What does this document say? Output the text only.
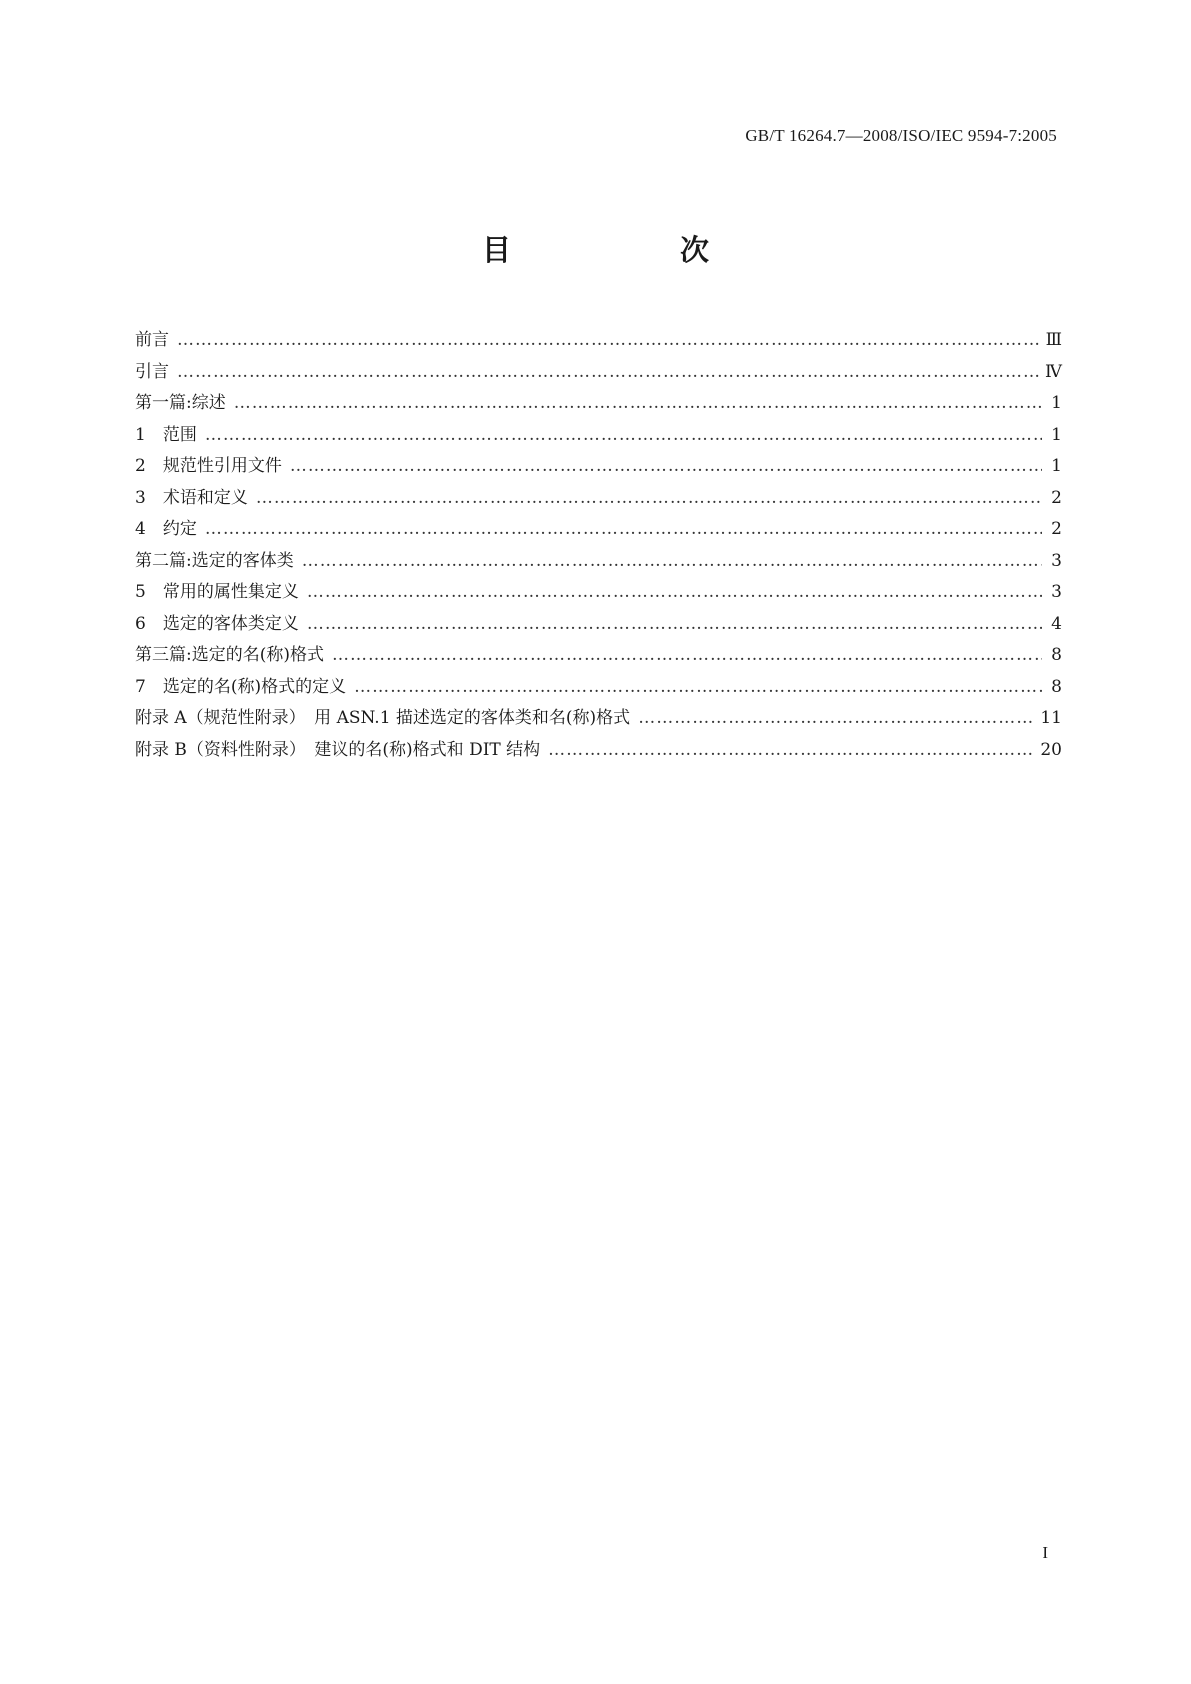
GB/T 16264.7—2008/ISO/IEC 9594-7:2005
目　次
前言 ……………………………………………………………………………………………………………………………………………………………………………………………………	Ⅲ
引言 ……………………………………………………………………………………………………………………………………………………………………………………………………	Ⅳ
第一篇:综述 ……………………………………………………………………………………………………………………………………………………………………………………………………	1
1　范围 ……………………………………………………………………………………………………………………………………………………………………………………………………	1
2　规范性引用文件 ……………………………………………………………………………………………………………………………………………………………………………………………………	1
3　术语和定义 ……………………………………………………………………………………………………………………………………………………………………………………………………	2
4　约定 ……………………………………………………………………………………………………………………………………………………………………………………………………	2
第二篇:选定的客体类 ……………………………………………………………………………………………………………………………………………………………………………………………………	3
5　常用的属性集定义 ……………………………………………………………………………………………………………………………………………………………………………………………………	3
6　选定的客体类定义 ……………………………………………………………………………………………………………………………………………………………………………………………………	4
第三篇:选定的名(称)格式 ……………………………………………………………………………………………………………………………………………………………………………………………………	8
7　选定的名(称)格式的定义 ……………………………………………………………………………………………………………………………………………………………………………………………………	8
附录 A（规范性附录）　用 ASN.1 描述选定的客体类和名(称)格式 ……………………………………………………………………………………………………………………………………………………………………………………………………	11
附录 B（资料性附录）　建议的名(称)格式和 DIT 结构 ……………………………………………………………………………………………………………………………………………………………………………………………………	20
I
